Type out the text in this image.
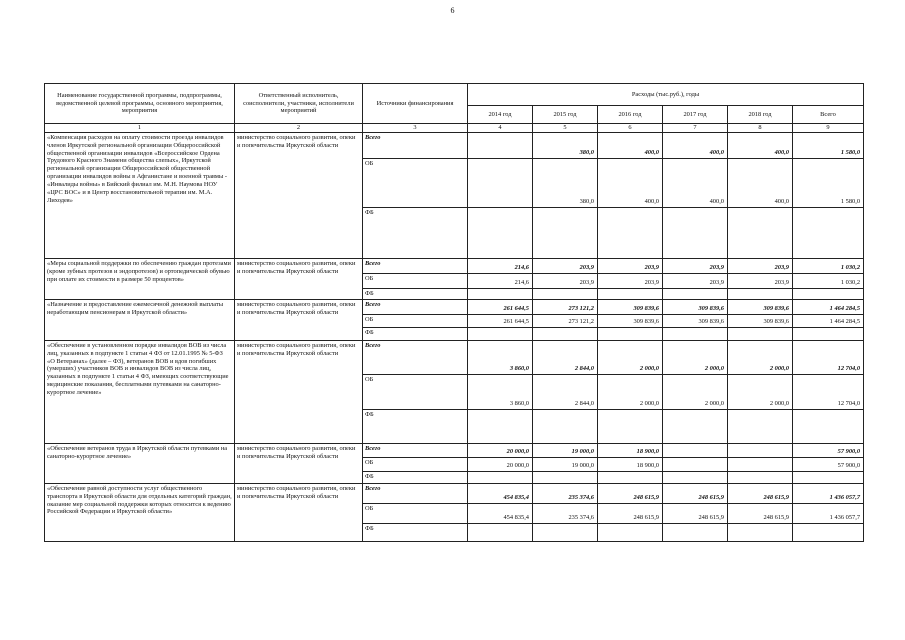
6
Наименование государственной программы, подпрограммы, ведомственной целевой программы, основного мероприятия, мероприятия	Ответственный исполнитель, соисполнители, участники, исполнители мероприятий	Источники финансирования	Расходы (тыс.руб.), годы					
			2014 год	2015 год	2016 год	2017 год	2018 год	Всего
1	2	3	4	5	6	7	8	9
«Компенсация расходов на оплату стоимости проезда инвалидов членов Иркутской региональной организации Общероссийской общественной организации инвалидов «Всероссийское Ордена Трудового Красного Знамени общества слепых», Иркутской региональной организации Общероссийской общественной организации инвалидов войны в Афганистане и военной травмы - «Инвалиды войны» в Бийский филиал им. М.Н. Наумова НОУ «ЦРС ВОС» и в Центр восстановительной терапии им. М.А. Лиходея»	министерство социального развития, опеки и попечительства Иркутской области	Всего		380,0	400,0	400,0	400,0	1 580,0
		ОБ		380,0	400,0	400,0	400,0	1 580,0
		ФБ						
«Меры социальной поддержки по обеспечению граждан протезами (кроме зубных протезов и эндопротезов) и ортопедической обувью при оплате их стоимости в размере 50 процентов»	министерство социального развития, опеки и попечительства Иркутской области	Всего	214,6	203,9	203,9	203,9	203,9	1 030,2
		ОБ	214,6	203,9	203,9	203,9	203,9	1 030,2
		ФБ						
«Назначение и предоставление ежемесячной денежной выплаты неработающим пенсионерам в Иркутской области»	министерство социального развития, опеки и попечительства Иркутской области	Всего	261 644,5	273 121,2	309 839,6	309 839,6	309 839,6	1 464 284,5
		ОБ	261 644,5	273 121,2	309 839,6	309 839,6	309 839,6	1 464 284,5
		ФБ						
«Обеспечение в установленном порядке инвалидов ВОВ из числа лиц, указанных в подпункте 1 статьи 4 ФЗ от 12.01.1995 № 5-ФЗ «О Ветеранах» (далее – ФЗ), ветеранов ВОВ и вдов погибших (умерших) участников ВОВ и инвалидов ВОВ из числа лиц, указанных в подпункте 1 статьи 4 ФЗ, имеющих соответствующие медицинские показания, бесплатными путевками на санаторно-курортное лечение»	министерство социального развития, опеки и попечительства Иркутской области	Всего	3 860,0	2 844,0	2 000,0	2 000,0	2 000,0	12 704,0
		ОБ	3 860,0	2 844,0	2 000,0	2 000,0	2 000,0	12 704,0
		ФБ						
«Обеспечение ветеранов труда в Иркутской области путевками на санаторно-курортное лечение»	министерство социального развития, опеки и попечительства Иркутской области	Всего	20 000,0	19 000,0	18 900,0			57 900,0
		ОБ	20 000,0	19 000,0	18 900,0			57 900,0
		ФБ						
«Обеспечение равной доступности услуг общественного транспорта в Иркутской области для отдельных категорий граждан, оказание мер социальной поддержки которых относится к ведению Российской Федерации и Иркутской области»	министерство социального развития, опеки и попечительства Иркутской области	Всего	454 835,4	235 374,6	248 615,9	248 615,9	248 615,9	1 436 057,7
		ОБ	454 835,4	235 374,6	248 615,9	248 615,9	248 615,9	1 436 057,7
		ФБ						
